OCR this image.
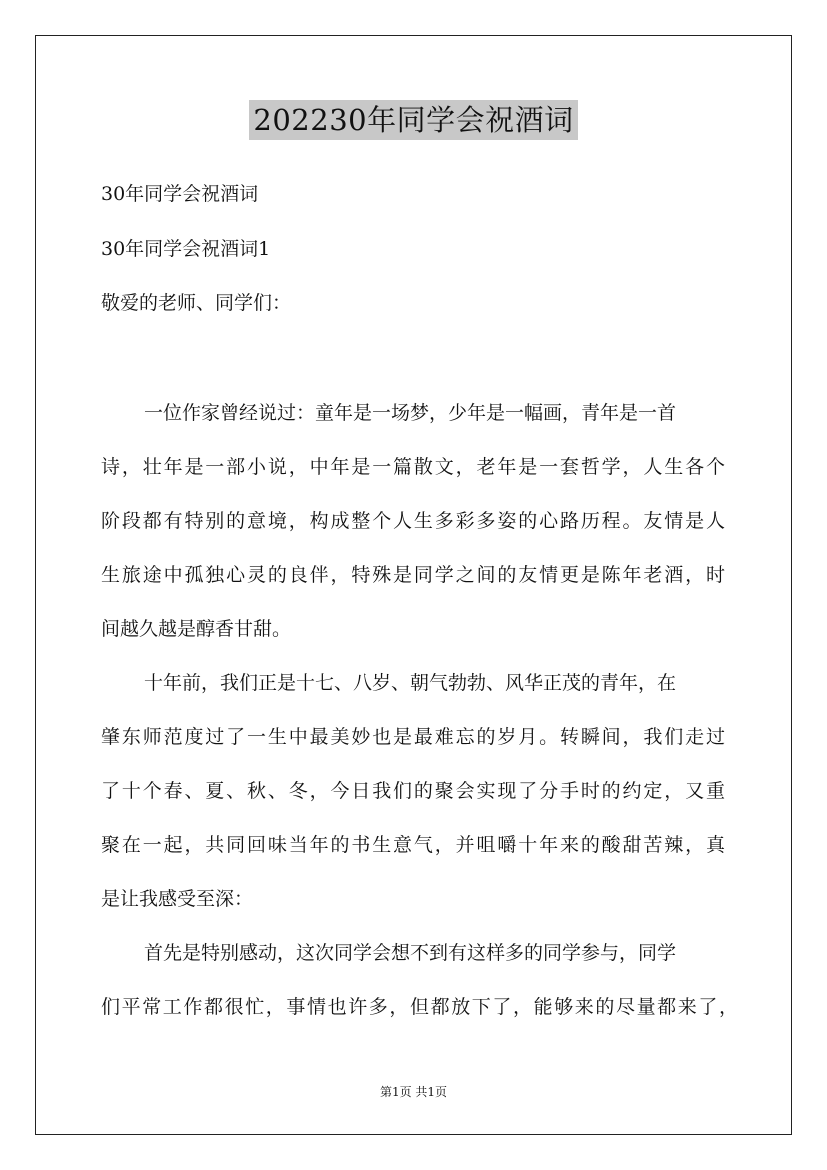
202230年同学会祝酒词
30年同学会祝酒词
30年同学会祝酒词1
敬爱的老师、同学们：
一位作家曾经说过：童年是一场梦，少年是一幅画，青年是一首
诗，壮年是一部小说，中年是一篇散文，老年是一套哲学，人生各个
阶段都有特别的意境，构成整个人生多彩多姿的心路历程。友情是人
生旅途中孤独心灵的良伴，特殊是同学之间的友情更是陈年老酒，时
间越久越是醇香甘甜。
十年前，我们正是十七、八岁、朝气勃勃、风华正茂的青年，在
肇东师范度过了一生中最美妙也是最难忘的岁月。转瞬间，我们走过
了十个春、夏、秋、冬，今日我们的聚会实现了分手时的约定，又重
聚在一起，共同回味当年的书生意气，并咀嚼十年来的酸甜苦辣，真
是让我感受至深：
首先是特别感动，这次同学会想不到有这样多的同学参与，同学
们平常工作都很忙，事情也许多，但都放下了，能够来的尽量都来了，
第1页 共1页
